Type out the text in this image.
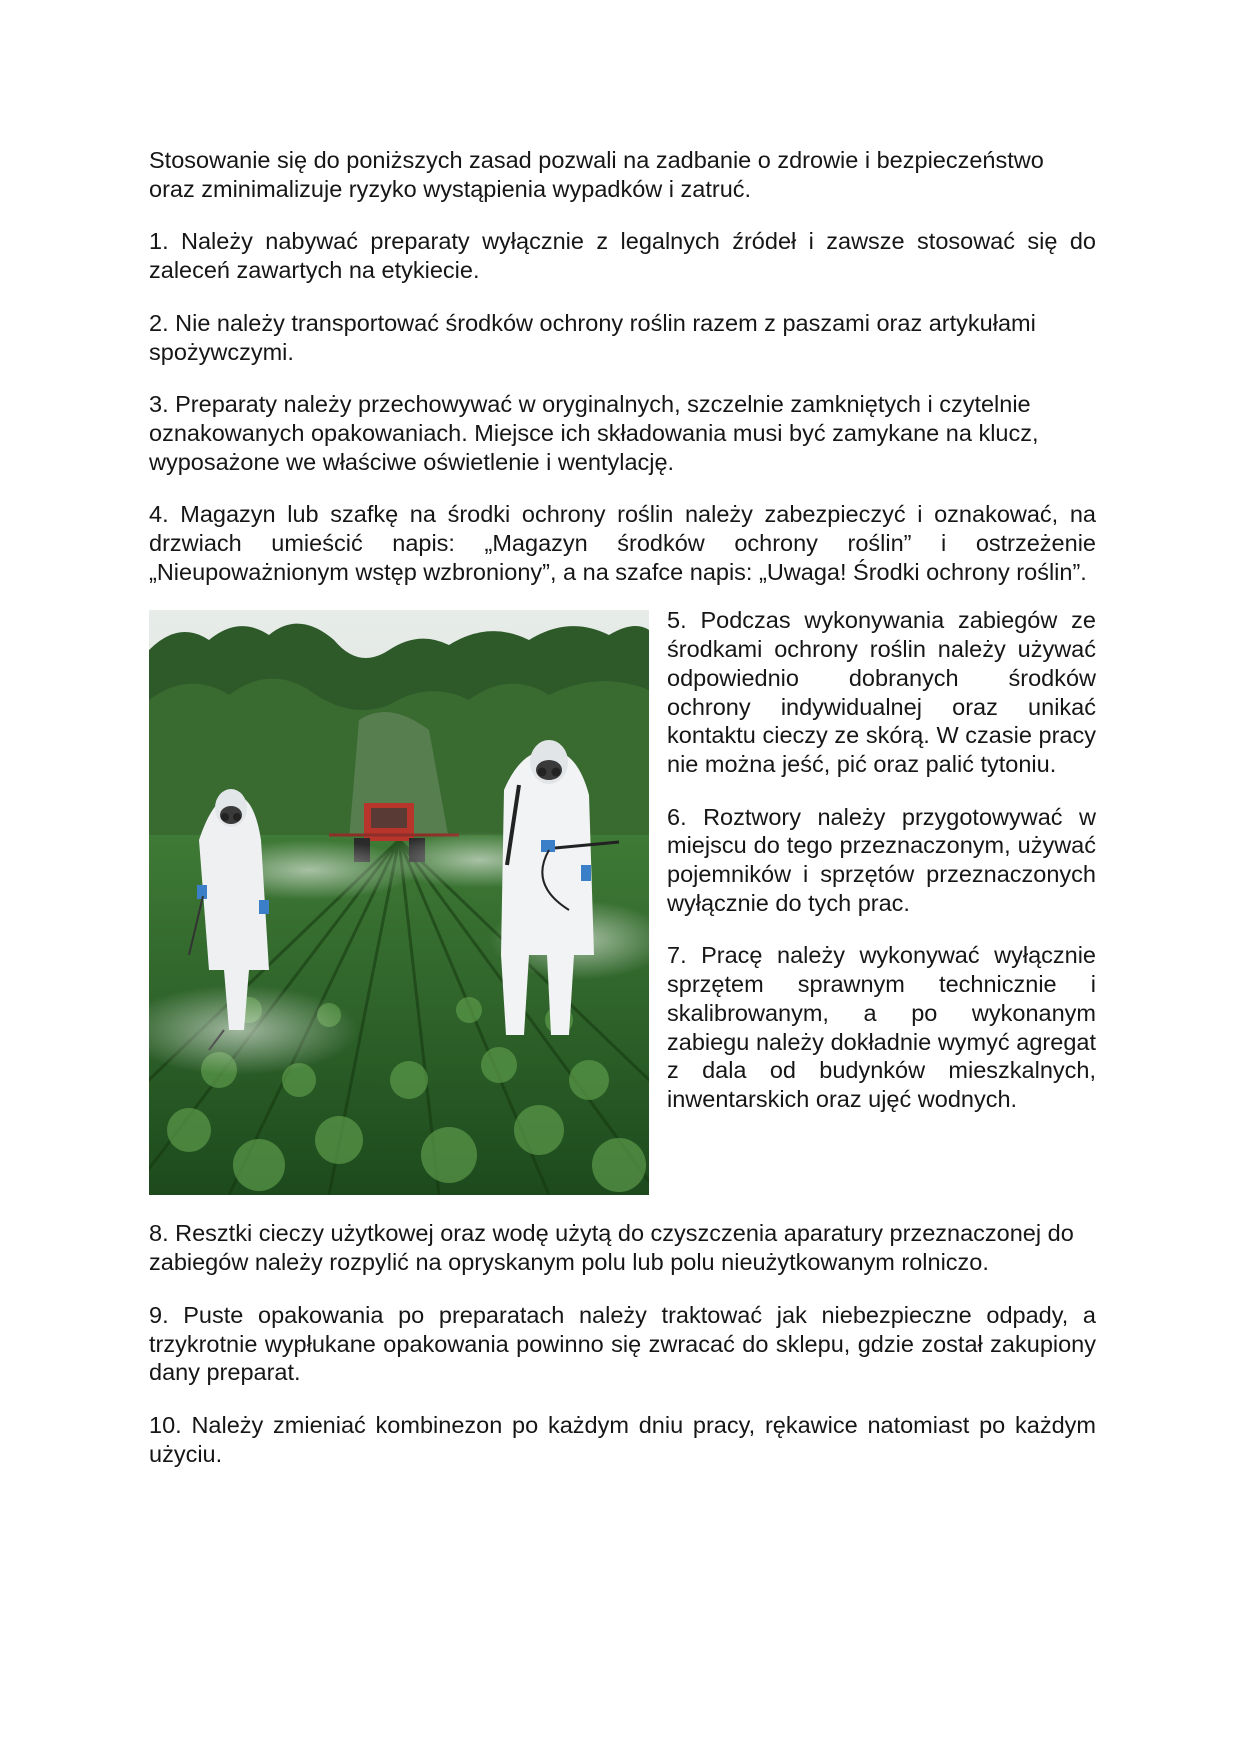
Stosowanie się do poniższych zasad pozwali na zadbanie o zdrowie i bezpieczeństwo oraz zminimalizuje ryzyko wystąpienia wypadków i zatruć.

1. Należy nabywać preparaty wyłącznie z legalnych źródeł i zawsze stosować się do zaleceń zawartych na etykiecie.

2. Nie należy transportować środków ochrony roślin razem z paszami oraz artykułami spożywczymi.

3. Preparaty należy przechowywać w oryginalnych, szczelnie zamkniętych i czytelnie oznakowanych opakowaniach. Miejsce ich składowania musi być zamykane na klucz, wyposażone we właściwe oświetlenie i wentylację.

4. Magazyn lub szafkę na środki ochrony roślin należy zabezpieczyć i oznakować, na drzwiach umieścić napis: „Magazyn środków ochrony roślin” i ostrzeżenie „Nieupoważnionym wstęp wzbroniony”, a na szafce napis: „Uwaga! Środki ochrony roślin”.

5. Podczas wykonywania zabiegów ze środkami ochrony roślin należy używać odpowiednio dobranych środków ochrony indywidualnej oraz unikać kontaktu cieczy ze skórą. W czasie pracy nie można jeść, pić oraz palić tytoniu.

6. Roztwory należy przygotowywać w miejscu do tego przeznaczonym, używać pojemników i sprzętów przeznaczonych wyłącznie do tych prac.

7. Pracę należy wykonywać wyłącznie sprzętem sprawnym technicznie i skalibrowanym, a po wykonanym zabiegu należy dokładnie wymyć agregat z dala od budynków mieszkalnych, inwentarskich oraz ujęć wodnych.

8. Resztki cieczy użytkowej oraz wodę użytą do czyszczenia aparatury przeznaczonej do zabiegów należy rozpylić na opryskanym polu lub polu nieużytkowanym rolniczo.

9. Puste opakowania po preparatach należy traktować jak niebezpieczne odpady, a trzykrotnie wypłukane opakowania powinno się zwracać do sklepu, gdzie został zakupiony dany preparat.

10. Należy zmieniać kombinezon po każdym dniu pracy, rękawice natomiast po każdym użyciu.
